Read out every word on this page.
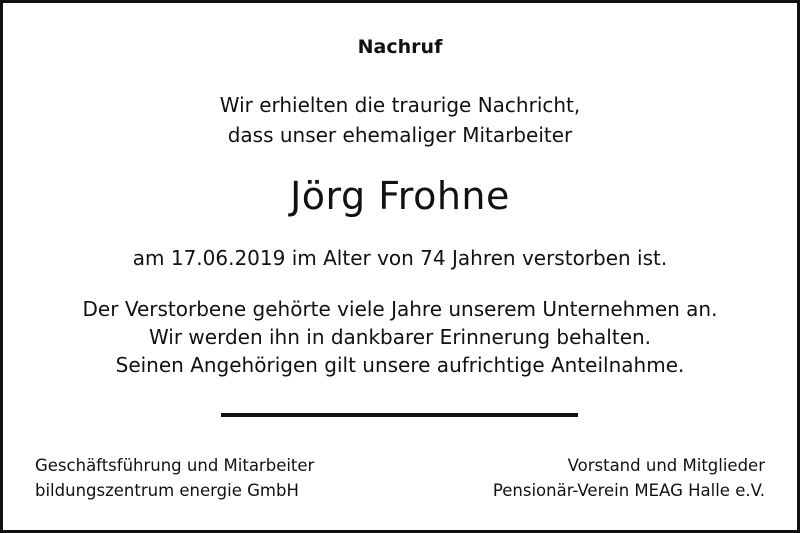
Nachruf
Wir erhielten die traurige Nachricht,
dass unser ehemaliger Mitarbeiter
Jörg Frohne
am 17.06.2019 im Alter von 74 Jahren verstorben ist.
Der Verstorbene gehörte viele Jahre unserem Unternehmen an.
Wir werden ihn in dankbarer Erinnerung behalten.
Seinen Angehörigen gilt unsere aufrichtige Anteilnahme.
Geschäftsführung und Mitarbeiter
bildungszentrum energie GmbH
Vorstand und Mitglieder
Pensionär-Verein MEAG Halle e.V.
